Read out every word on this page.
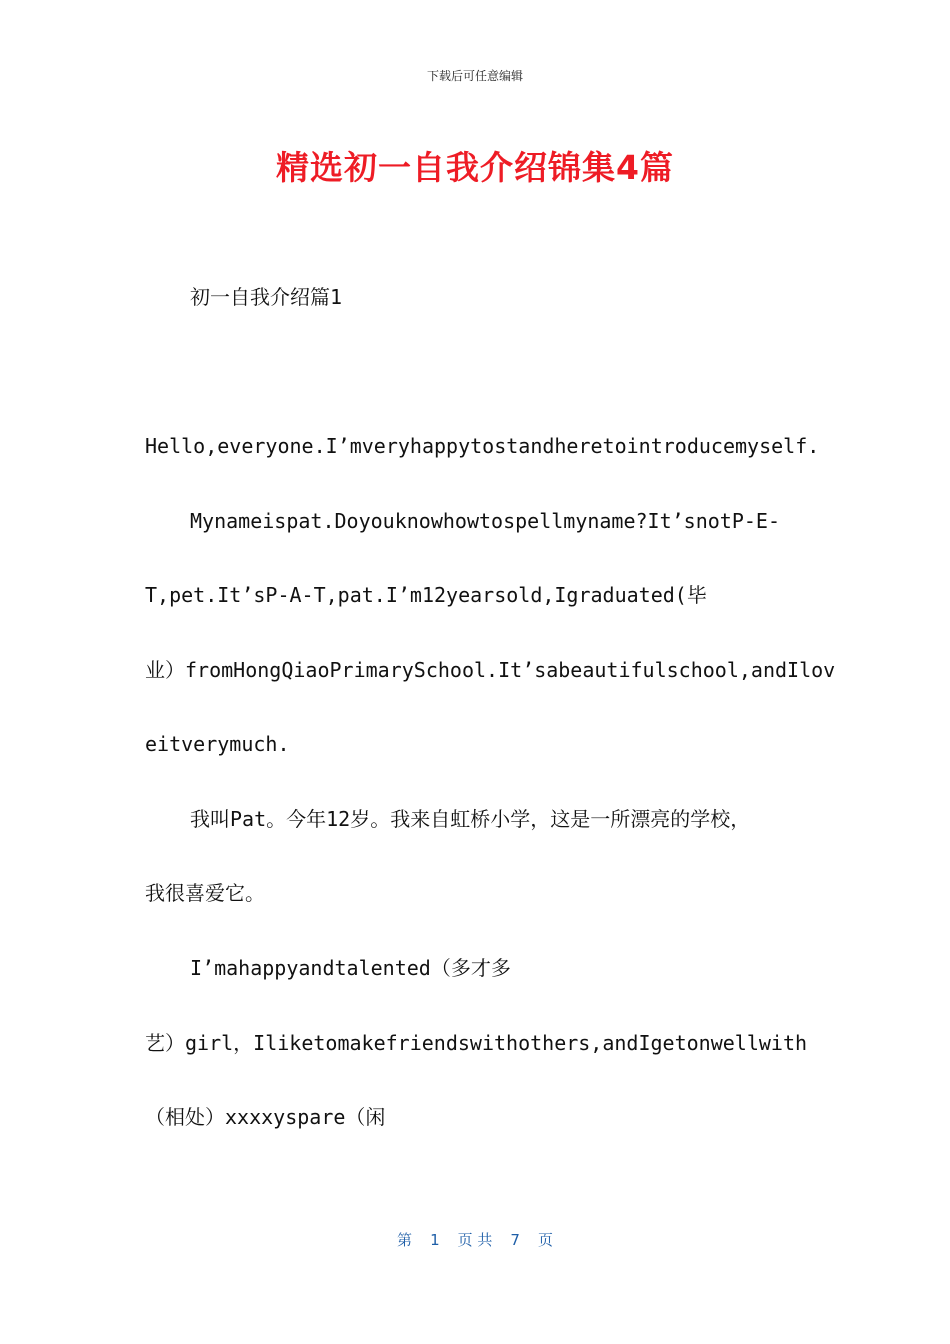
下载后可任意编辑
精选初一自我介绍锦集4篇
初一自我介绍篇1
Hello,everyone.I’mveryhappytostandheretointroducemyself.
Mynameispat.Doyouknowhowtospellmyname?It’snotP-E-
T,pet.It’sP-A-T,pat.I’m12yearsold,Igraduated(毕
业）fromHongQiaoPrimarySchool.It’sabeautifulschool,andIlov
eitverymuch.
我叫Pat。今年12岁。我来自虹桥小学，这是一所漂亮的学校，
我很喜爱它。
I’mahappyandtalented（多才多
艺）girl，Iliketomakefriendswithothers,andIgetonwellwith
（相处）xxxxyspare（闲
第 1 页 共 7 页
